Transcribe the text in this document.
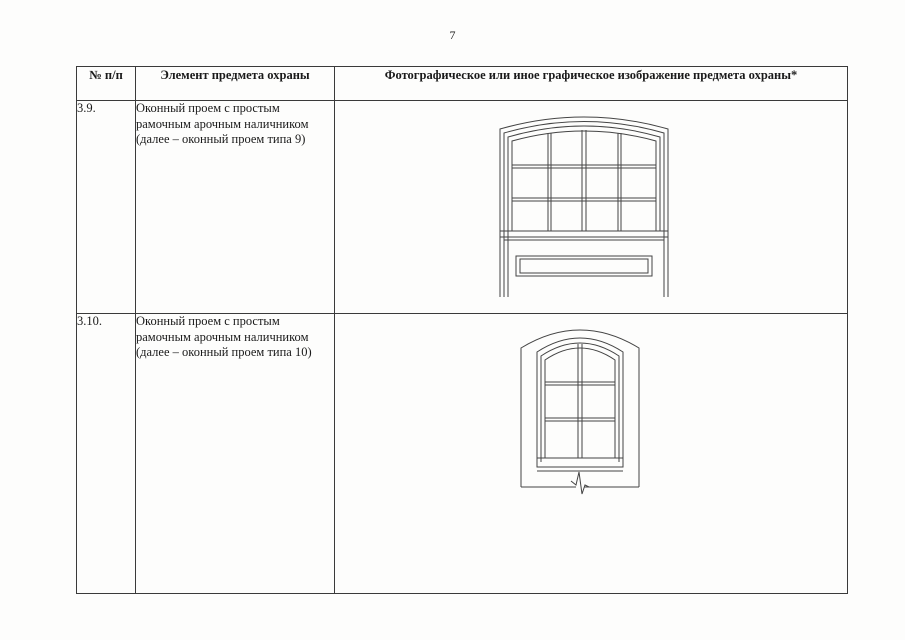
7
№ п/п	Элемент предмета охраны	Фотографическое или иное графическое изображение предмета охраны*
3.9.	Оконный проем с простым рамочным арочным наличником (далее – оконный проем типа 9)	

3.10.	Оконный проем с простым рамочным арочным наличником (далее – оконный проем типа 10)	
